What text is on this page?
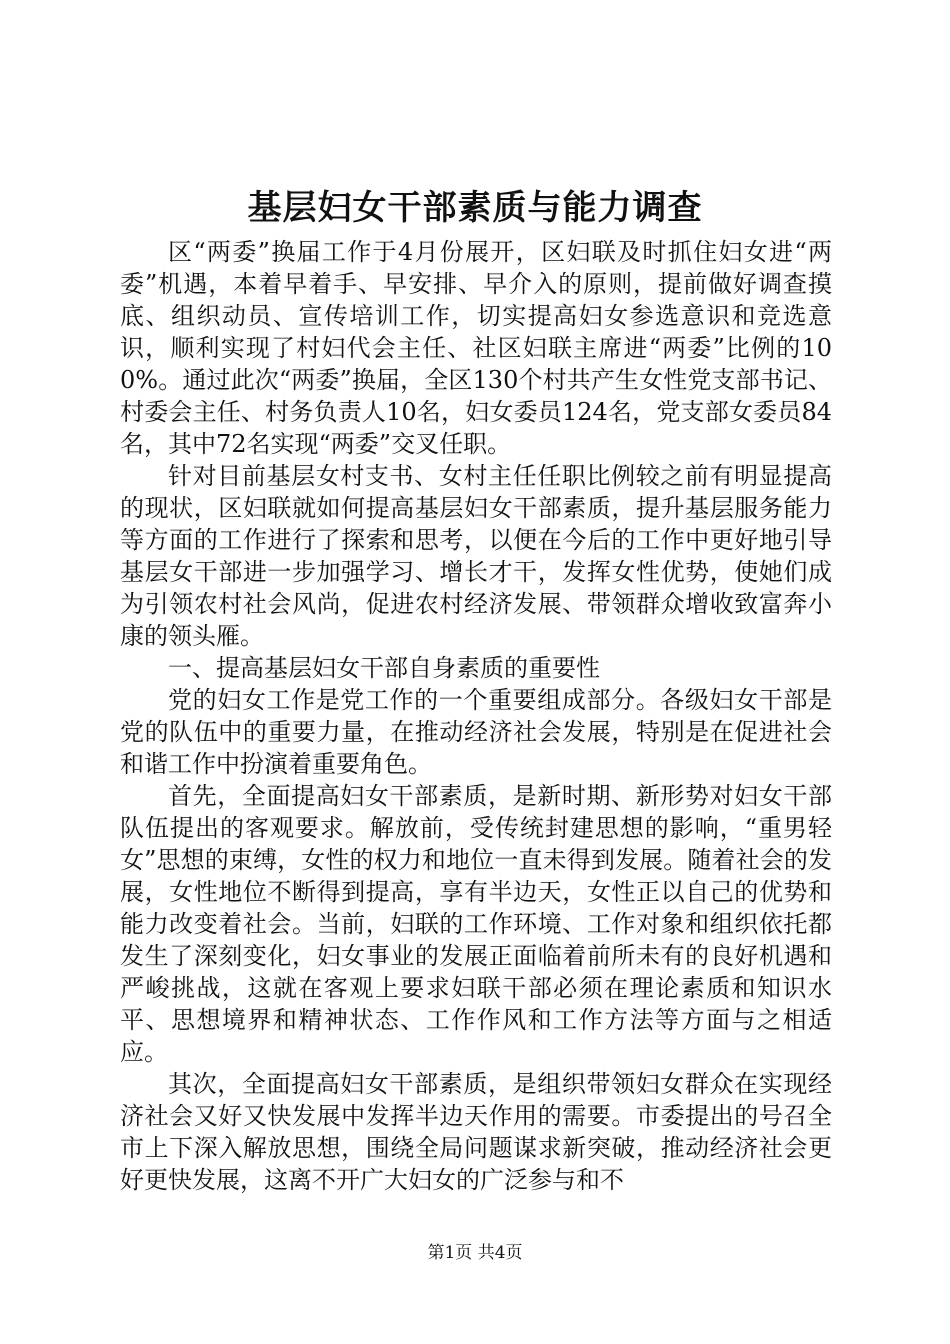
基层妇女干部素质与能力调查

区“两委”换届工作于4月份展开，区妇联及时抓住妇女进“两委”机遇，本着早着手、早安排、早介入的原则，提前做好调查摸底、组织动员、宣传培训工作，切实提高妇女参选意识和竞选意识，顺利实现了村妇代会主任、社区妇联主席进“两委”比例的100%。通过此次“两委”换届，全区130个村共产生女性党支部书记、村委会主任、村务负责人10名，妇女委员124名，党支部女委员84名，其中72名实现“两委”交叉任职。

针对目前基层女村支书、女村主任任职比例较之前有明显提高的现状，区妇联就如何提高基层妇女干部素质，提升基层服务能力等方面的工作进行了探索和思考，以便在今后的工作中更好地引导基层女干部进一步加强学习、增长才干，发挥女性优势，使她们成为引领农村社会风尚，促进农村经济发展、带领群众增收致富奔小康的领头雁。

一、提高基层妇女干部自身素质的重要性

党的妇女工作是党工作的一个重要组成部分。各级妇女干部是党的队伍中的重要力量，在推动经济社会发展，特别是在促进社会和谐工作中扮演着重要角色。

首先，全面提高妇女干部素质，是新时期、新形势对妇女干部队伍提出的客观要求。解放前，受传统封建思想的影响，“重男轻女”思想的束缚，女性的权力和地位一直未得到发展。随着社会的发展，女性地位不断得到提高，享有半边天，女性正以自己的优势和能力改变着社会。当前，妇联的工作环境、工作对象和组织依托都发生了深刻变化，妇女事业的发展正面临着前所未有的良好机遇和严峻挑战，这就在客观上要求妇联干部必须在理论素质和知识水平、思想境界和精神状态、工作作风和工作方法等方面与之相适应。

其次，全面提高妇女干部素质，是组织带领妇女群众在实现经济社会又好又快发展中发挥半边天作用的需要。市委提出的号召全市上下深入解放思想，围绕全局问题谋求新突破，推动经济社会更好更快发展，这离不开广大妇女的广泛参与和不

第1页 共4页
